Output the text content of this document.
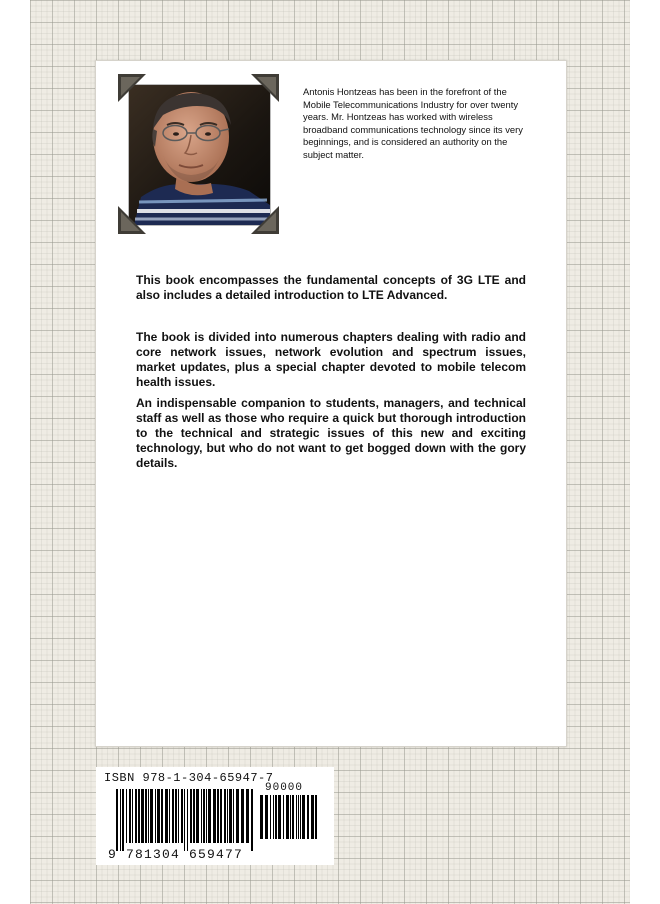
Antonis Hontzeas has been in the forefront of the Mobile Telecommunications Industry for over twenty years. Mr. Hontzeas has worked with wireless broadband communications technology since its very beginnings, and is considered an authority on the subject matter.

This book encompasses the fundamental concepts of 3G LTE and also includes a detailed introduction to LTE Advanced.

The book is divided into numerous chapters dealing with radio and core network issues, network evolution and spectrum issues, market updates, plus a special chapter devoted to mobile telecom health issues.

An indispensable companion to students, managers, and technical staff as well as those who require a quick but thorough introduction to the technical and strategic issues of this new and exciting technology, but who do not want to get bogged down with the gory details.

ISBN 978-1-304-65947-7
9 781304 659477
90000
